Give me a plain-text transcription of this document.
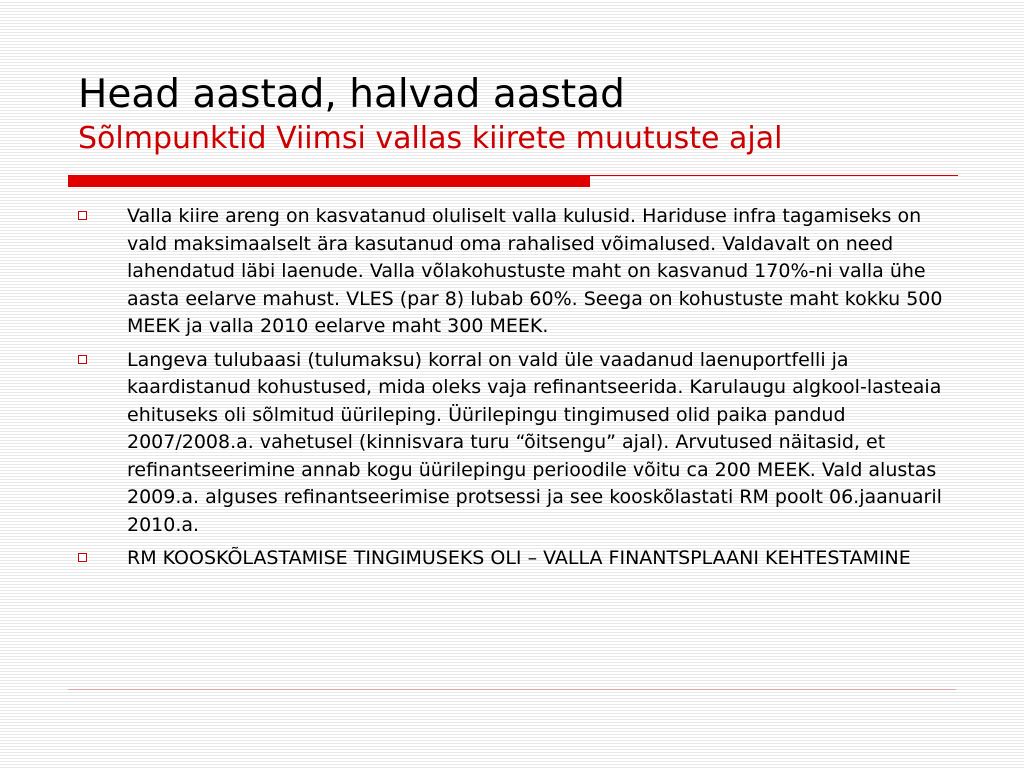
Head aastad, halvad aastad
Sõlmpunktid Viimsi vallas kiirete muutuste ajal

Valla kiire areng on kasvatanud oluliselt valla kulusid. Hariduse infra tagamiseks on vald maksimaalselt ära kasutanud oma rahalised võimalused. Valdavalt on need lahendatud läbi laenude. Valla võlakohustuste maht on kasvanud 170%-ni valla ühe aasta eelarve mahust. VLES (par 8) lubab 60%. Seega on kohustuste maht kokku 500 MEEK ja valla 2010 eelarve maht 300 MEEK.

Langeva tulubaasi (tulumaksu) korral on vald üle vaadanud laenuportfelli ja kaardistanud kohustused, mida oleks vaja refinantseerida. Karulaugu algkool-lasteaia ehituseks oli sõlmitud üürileping. Üürilepingu tingimused olid paika pandud 2007/2008.a. vahetusel (kinnisvara turu “õitsengu” ajal). Arvutused näitasid, et refinantseerimine annab kogu üürilepingu perioodile võitu ca 200 MEEK. Vald alustas 2009.a. alguses refinantseerimise protsessi ja see kooskõlastati RM poolt 06.jaanuaril 2010.a.

RM KOOSKÕLASTAMISE TINGIMUSEKS OLI – VALLA FINANTSPLAANI KEHTESTAMINE
